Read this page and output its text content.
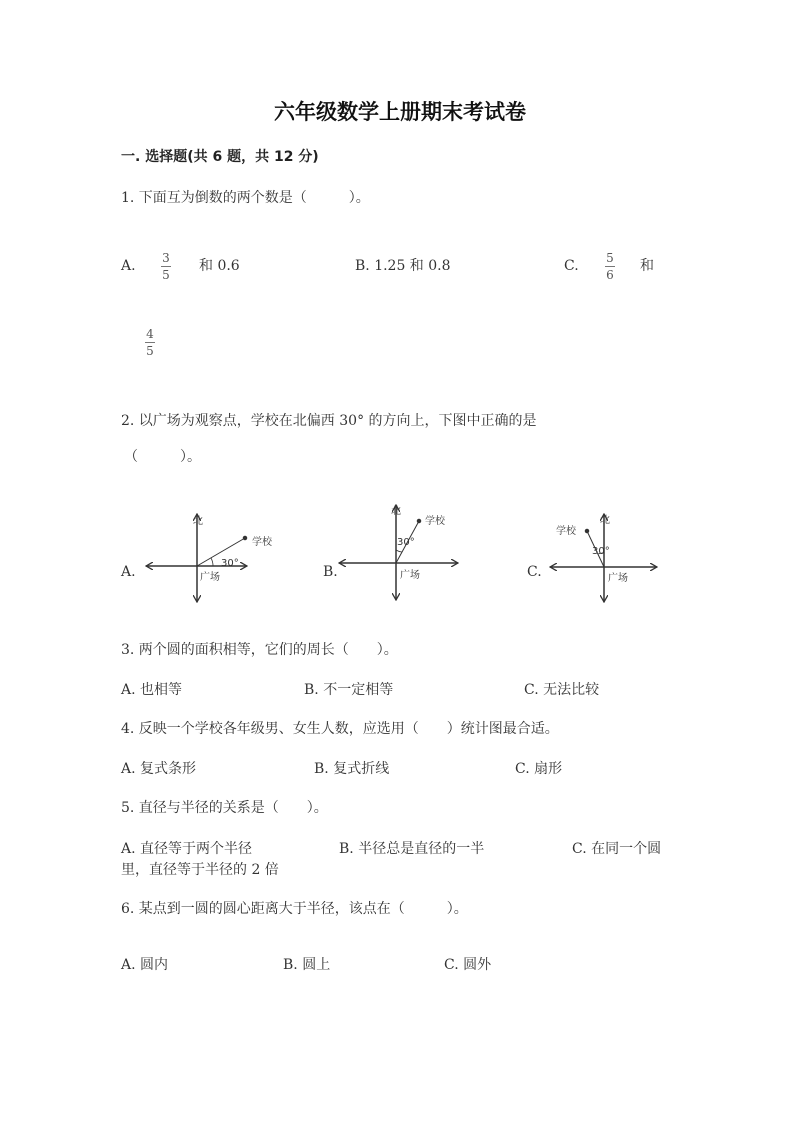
六年级数学上册期末考试卷
一. 选择题(共 6 题，共 12 分)
1. 下面互为倒数的两个数是（　　　）。
A. 3
5
和 0.6	B. 1.25 和 0.8	C. 5
6
和
4
5
2. 以广场为观察点，学校在北偏西 30° 的方向上，下图中正确的是
（　　　）。
A.	B.	C.
北
学校
30°
广场
北
学校
30°
广场
学校
北
30°
广场
3. 两个圆的面积相等，它们的周长（　　）。
A. 也相等	B. 不一定相等	C. 无法比较
4. 反映一个学校各年级男、女生人数，应选用（　　）统计图最合适。
A. 复式条形	B. 复式折线	C. 扇形
5. 直径与半径的关系是（　　）。
A. 直径等于两个半径	B. 半径总是直径的一半	C. 在同一个圆
里，直径等于半径的 2 倍
6. 某点到一圆的圆心距离大于半径，该点在（　　　）。
A. 圆内	B. 圆上	C. 圆外
